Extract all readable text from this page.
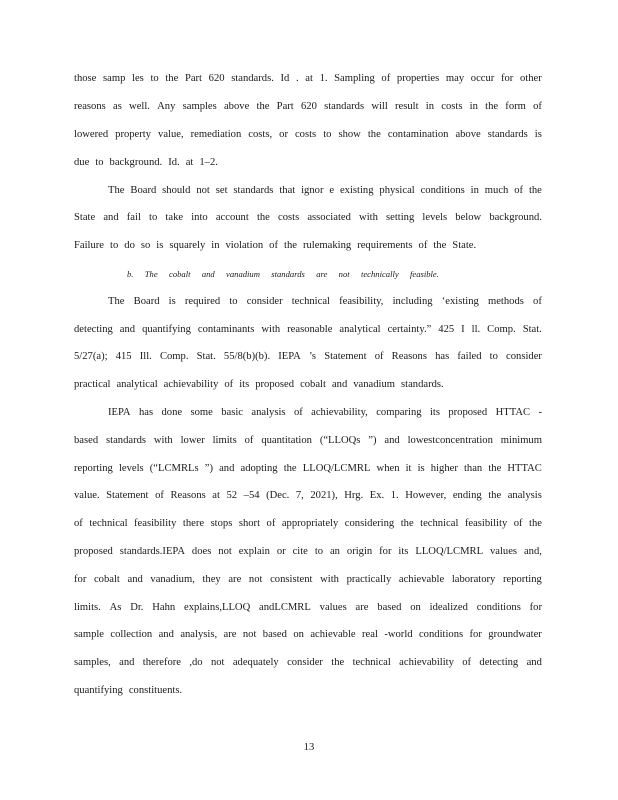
those samp les to the Part 620 standards. Id . at 1. Sampling of properties may occur for other
reasons as well. Any samples above the Part 620 standards will result in costs in the form of
lowered property value, remediation costs, or costs to show the contamination above standards is
due to background. Id. at 1–2.
The Board should not set standards that ignor e existing physical conditions in much of the
State and fail to take into account the costs associated with setting levels below background.
Failure to do so is squarely in violation of the rulemaking requirements of the State.
b. The cobalt and vanadium standards are not technically feasible.
The Board is required to consider technical feasibility, including ‘existing methods of
detecting and quantifying contaminants with reasonable analytical certainty.” 425 I ll. Comp. Stat.
5/27(a); 415 Ill. Comp. Stat. 55/8(b)(b). IEPA ’s Statement of Reasons has failed to consider
practical analytical achievability of its proposed cobalt and vanadium standards.
IEPA has done some basic analysis of achievability, comparing its proposed HTTAC -
based standards with lower limits of quantitation (“LLOQs ”) and lowestconcentration minimum
reporting levels (“LCMRLs ”) and adopting the LLOQ/LCMRL when it is higher than the HTTAC
value. Statement of Reasons at 52 –54 (Dec. 7, 2021), Hrg. Ex. 1. However, ending the analysis
of technical feasibility there stops short of appropriately considering the technical feasibility of the
proposed standards.IEPA does not explain or cite to an origin for its LLOQ/LCMRL values and,
for cobalt and vanadium, they are not consistent with practically achievable laboratory reporting
limits. As Dr. Hahn explains,LLOQ andLCMRL values are based on idealized conditions for
sample collection and analysis, are not based on achievable real -world conditions for groundwater
samples, and therefore ,do not adequately consider the technical achievability of detecting and
quantifying constituents.
13
